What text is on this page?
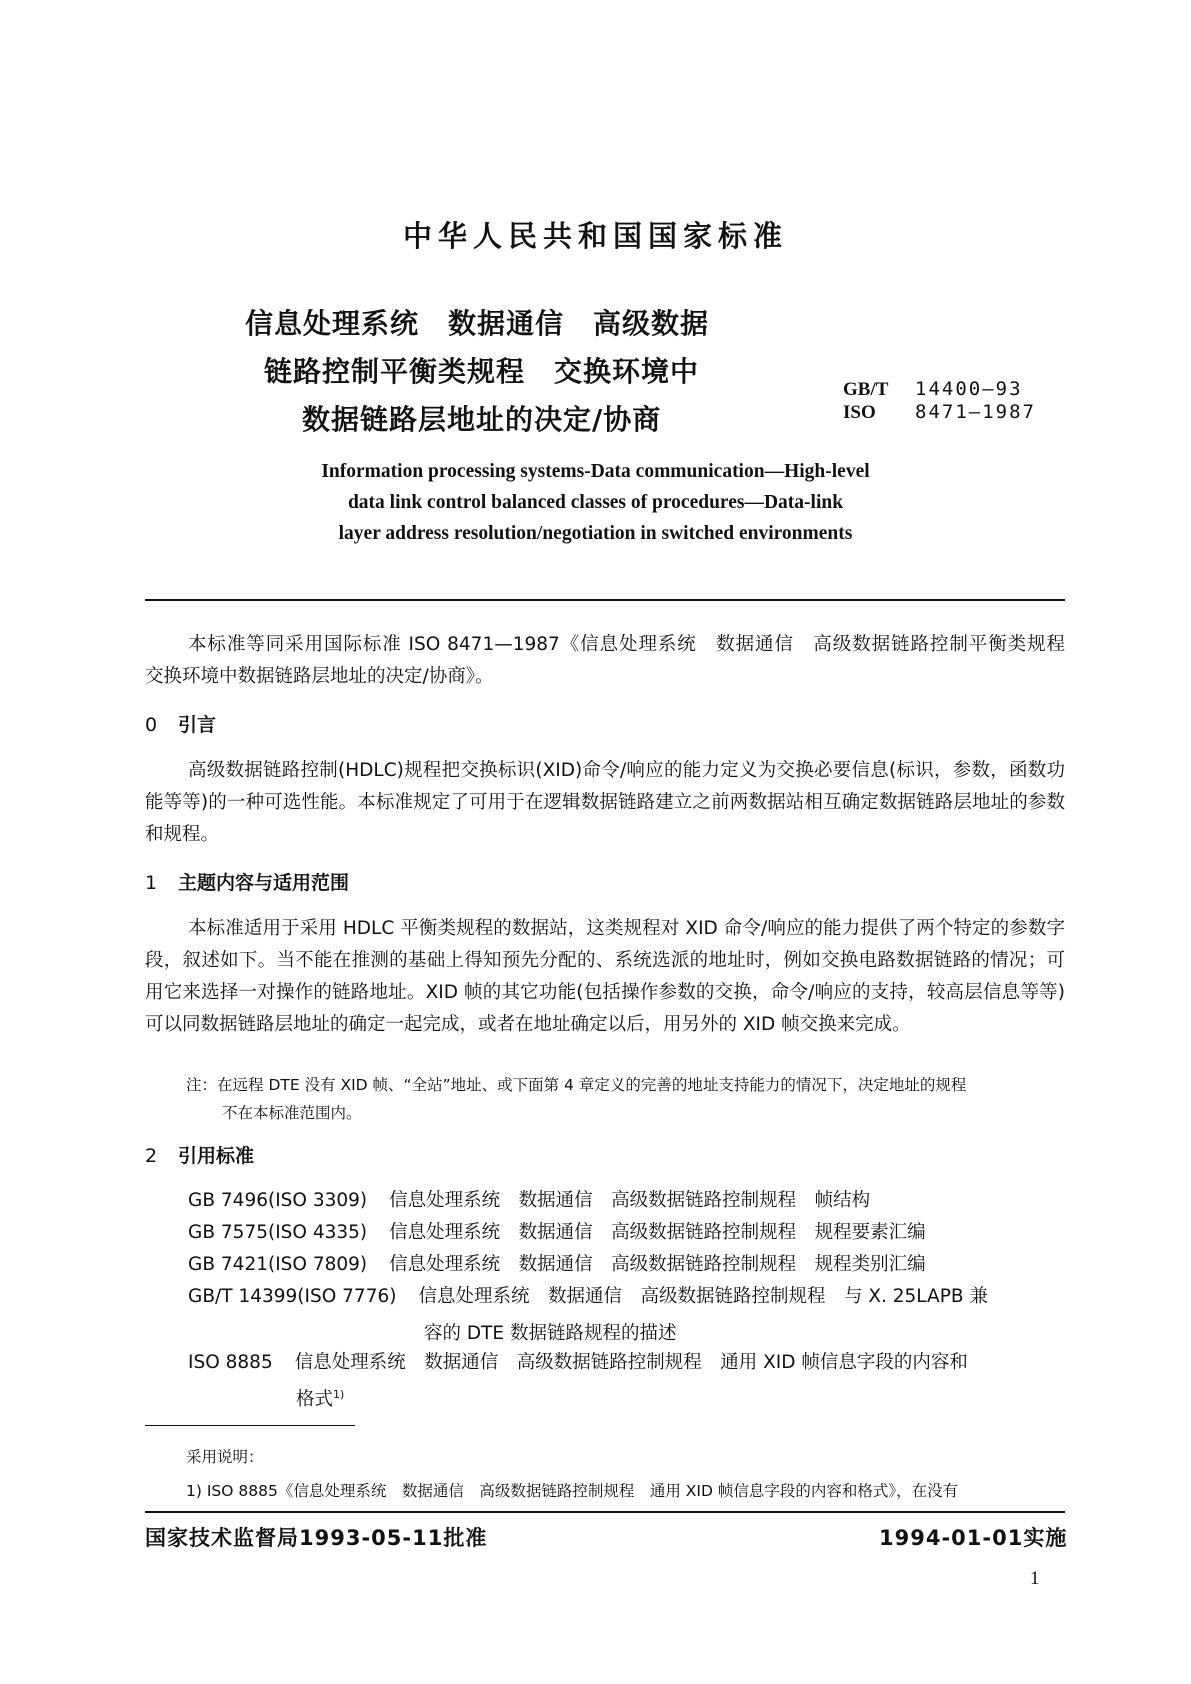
中华人民共和国国家标准
信息处理系统　数据通信　高级数据
链路控制平衡类规程　交换环境中
数据链路层地址的决定/协商
GB/T 14400—93
ISO 8471—1987
Information processing systems-Data communication—High-level
data link control balanced classes of procedures—Data-link
layer address resolution/negotiation in switched environments
本标准等同采用国际标准 ISO 8471—1987《信息处理系统　数据通信　高级数据链路控制平衡类规程　交换环境中数据链路层地址的决定/协商》。
0 引言
高级数据链路控制(HDLC)规程把交换标识(XID)命令/响应的能力定义为交换必要信息(标识，参数，函数功能等等)的一种可选性能。本标准规定了可用于在逻辑数据链路建立之前两数据站相互确定数据链路层地址的参数和规程。
1 主题内容与适用范围
本标准适用于采用 HDLC 平衡类规程的数据站，这类规程对 XID 命令/响应的能力提供了两个特定的参数字段，叙述如下。当不能在推测的基础上得知预先分配的、系统选派的地址时，例如交换电路数据链路的情况；可用它来选择一对操作的链路地址。XID 帧的其它功能(包括操作参数的交换，命令/响应的支持，较高层信息等等)可以同数据链路层地址的确定一起完成，或者在地址确定以后，用另外的 XID 帧交换来完成。
注：在远程 DTE 没有 XID 帧、“全站”地址、或下面第 4 章定义的完善的地址支持能力的情况下，决定地址的规程
不在本标准范围内。
2 引用标准
GB 7496(ISO 3309) 信息处理系统　数据通信　高级数据链路控制规程　帧结构
GB 7575(ISO 4335) 信息处理系统　数据通信　高级数据链路控制规程　规程要素汇编
GB 7421(ISO 7809) 信息处理系统　数据通信　高级数据链路控制规程　规程类别汇编
GB/T 14399(ISO 7776) 信息处理系统　数据通信　高级数据链路控制规程　与 X. 25LAPB 兼
容的 DTE 数据链路规程的描述
ISO 8885 信息处理系统　数据通信　高级数据链路控制规程　通用 XID 帧信息字段的内容和
格式$^{1)}$
采用说明：
1) ISO 8885《信息处理系统　数据通信　高级数据链路控制规程　通用 XID 帧信息字段的内容和格式》，在没有
国家技术监督局1993-05-11批准	1994-01-01实施
1
